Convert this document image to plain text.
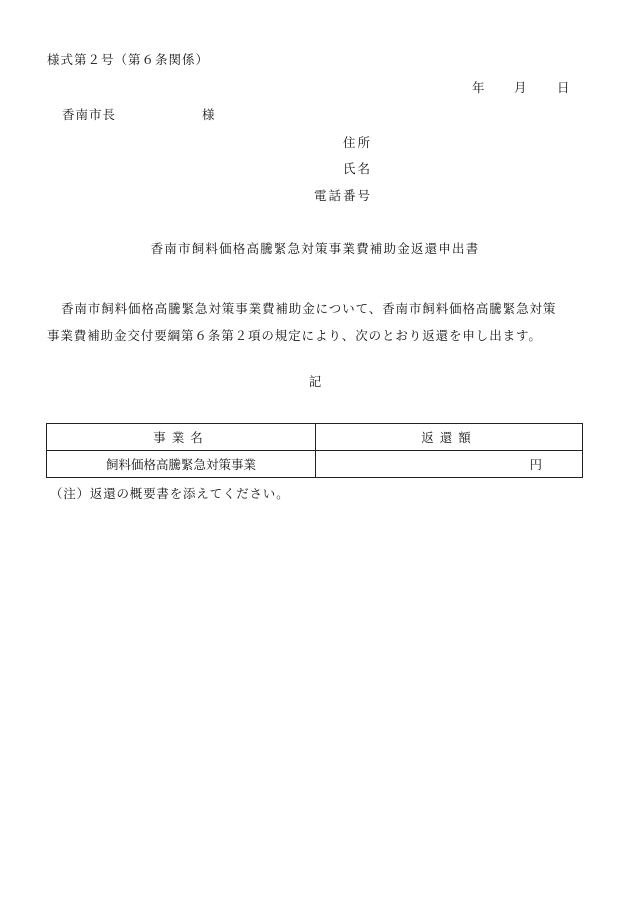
様式第２号（第６条関係）
年 月 日
香南市長	様
住所
氏名
電話番号
香南市飼料価格高騰緊急対策事業費補助金返還申出書
香南市飼料価格高騰緊急対策事業費補助金について、香南市飼料価格高騰緊急対策
事業費補助金交付要綱第６条第２項の規定により、次のとおり返還を申し出ます。
記
事業名	返還額
飼料価格高騰緊急対策事業	円
（注）返還の概要書を添えてください。
